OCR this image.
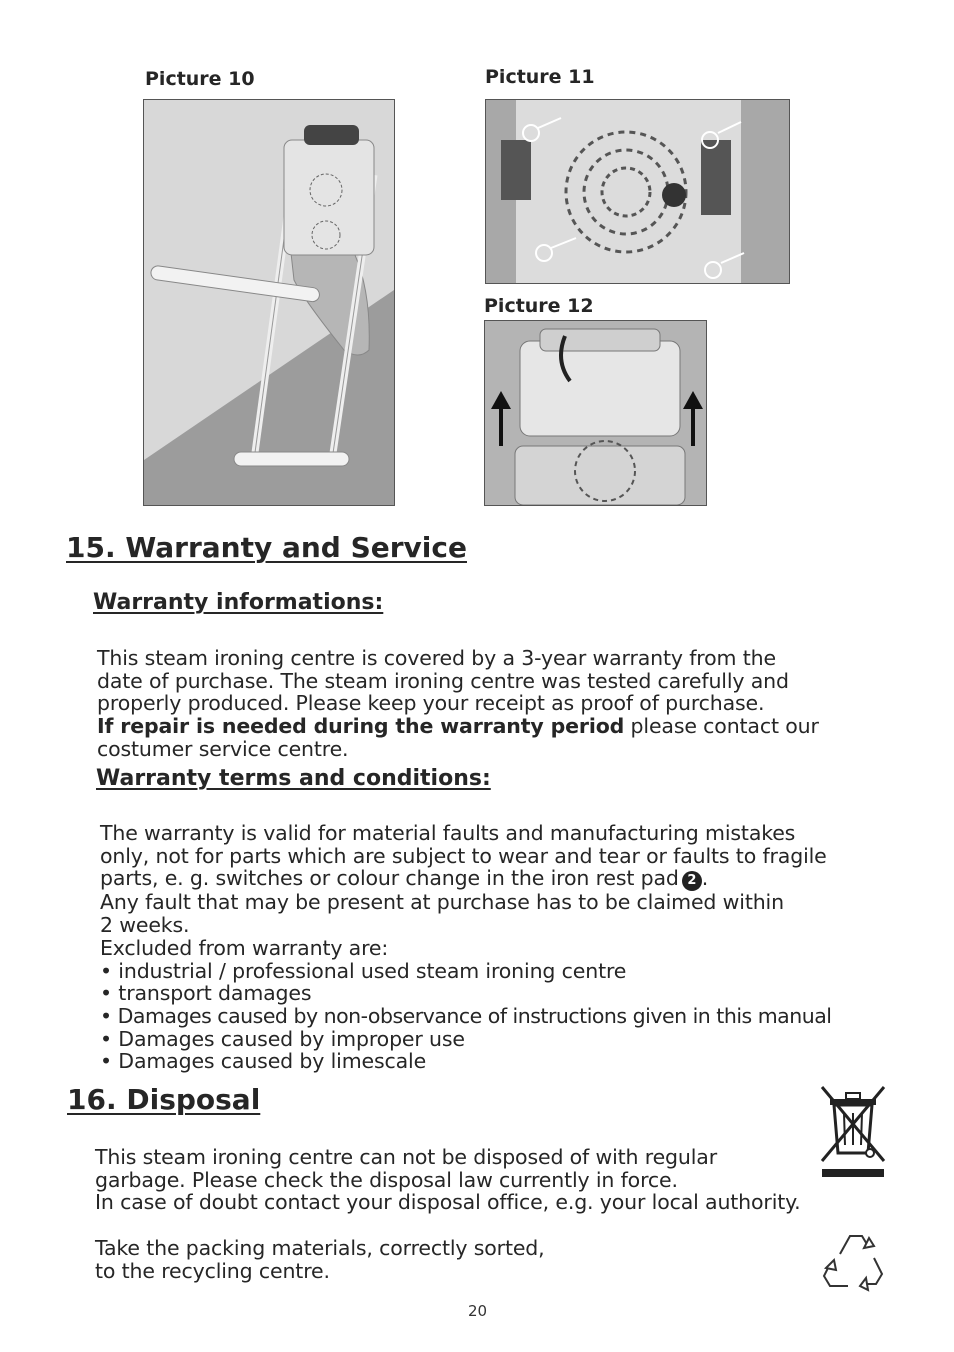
Picture 10	Picture 11
Picture 12
15. Warranty and Service
Warranty informations:

This steam ironing centre is covered by a 3-year warranty from the

date of purchase. The steam ironing centre was tested carefully and

properly produced. Please keep your receipt as proof of purchase.

If repair is needed during the warranty period please contact our

costumer service centre.

Warranty terms and conditions:

The warranty is valid for material faults and manufacturing mistakes

only, not for parts which are subject to wear and tear or faults to fragile

parts, e. g. switches or colour change in the iron rest pad 2 .

Any fault that may be present at purchase has to be claimed within

2 weeks.

Excluded from warranty are:

• industrial / professional used steam ironing centre

• transport damages

• Damages caused by non-observance of instructions given in this manual

• Damages caused by improper use

• Damages caused by limescale

16. Disposal

This steam ironing centre can not be disposed of with regular

garbage. Please check the disposal law currently in force.

In case of doubt contact your disposal office, e.g. your local authority.

Take the packing materials, correctly sorted,

to the recycling centre.

20
